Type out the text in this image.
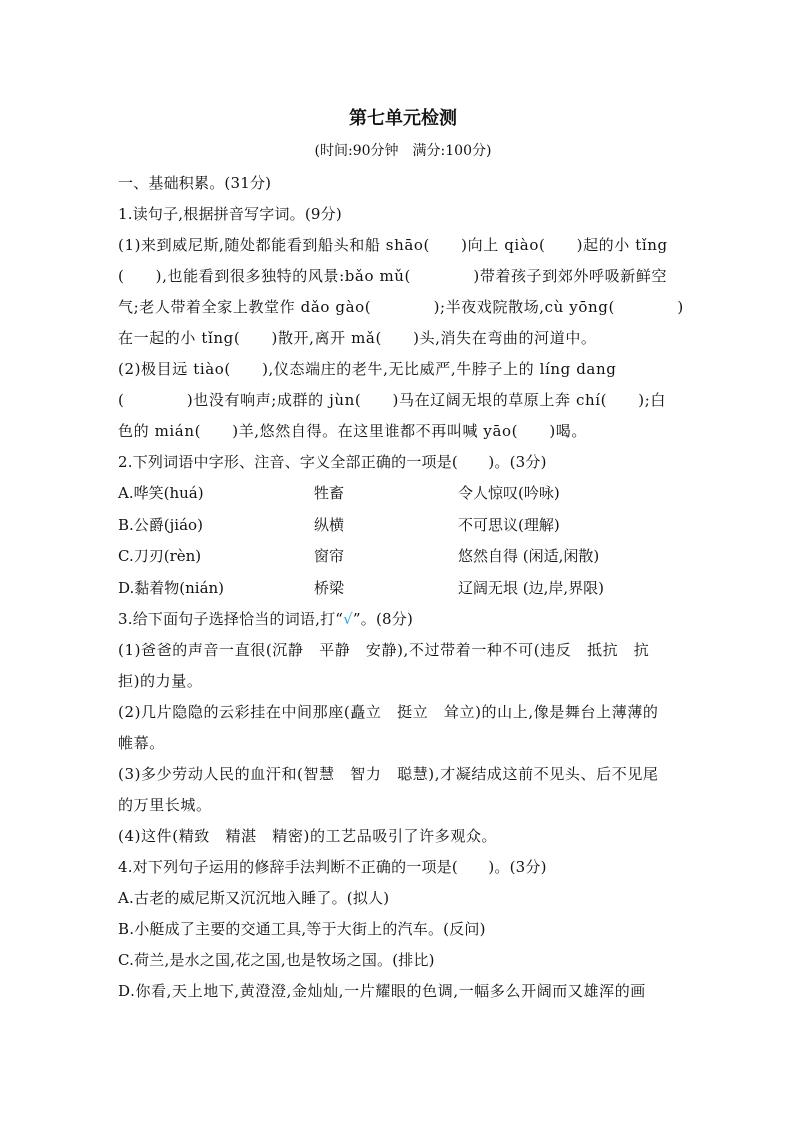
第七单元检测
(时间:90分钟　满分:100分)
一、基础积累。(31分)
1.读句子,根据拼音写字词。(9分)
(1)来到威尼斯,随处都能看到船头和船 shāo(　　)向上 qiào(　　)起的小 tǐng
(　　),也能看到很多独特的风景:bǎo mǔ(　　　　)带着孩子到郊外呼吸新鲜空
气;老人带着全家上教堂作 dǎo gào(　　　　);半夜戏院散场,cù yōng(　　　　)
在一起的小 tǐng(　　)散开,离开 mǎ(　　)头,消失在弯曲的河道中。
(2)极目远 tiào(　　),仪态端庄的老牛,无比威严,牛脖子上的 líng dang
(　　　　)也没有响声;成群的 jùn(　　)马在辽阔无垠的草原上奔 chí(　　);白
色的 mián(　　)羊,悠然自得。在这里谁都不再叫喊 yāo(　　)喝。
2.下列词语中字形、注音、字义全部正确的一项是(　　)。(3分)
A.哗笑(huá)	牲畜	令人惊叹(吟咏)
B.公爵(jiáo)	纵横	不可思议(理解)
C.刀刃(rèn)	窗帘	悠然自得 (闲适,闲散)
D.黏着物(nián)	桥梁	辽阔无垠 (边,岸,界限)
3.给下面句子选择恰当的词语,打“√”。(8分)
(1)爸爸的声音一直很(沉静　平静　安静),不过带着一种不可(违反　抵抗　抗
拒)的力量。
(2)几片隐隐的云彩挂在中间那座(矗立　挺立　耸立)的山上,像是舞台上薄薄的
帷幕。
(3)多少劳动人民的血汗和(智慧　智力　聪慧),才凝结成这前不见头、后不见尾
的万里长城。
(4)这件(精致　精湛　精密)的工艺品吸引了许多观众。
4.对下列句子运用的修辞手法判断不正确的一项是(　　)。(3分)
A.古老的威尼斯又沉沉地入睡了。(拟人)
B.小艇成了主要的交通工具,等于大街上的汽车。(反问)
C.荷兰,是水之国,花之国,也是牧场之国。(排比)
D.你看,天上地下,黄澄澄,金灿灿,一片耀眼的色调,一幅多么开阔而又雄浑的画
